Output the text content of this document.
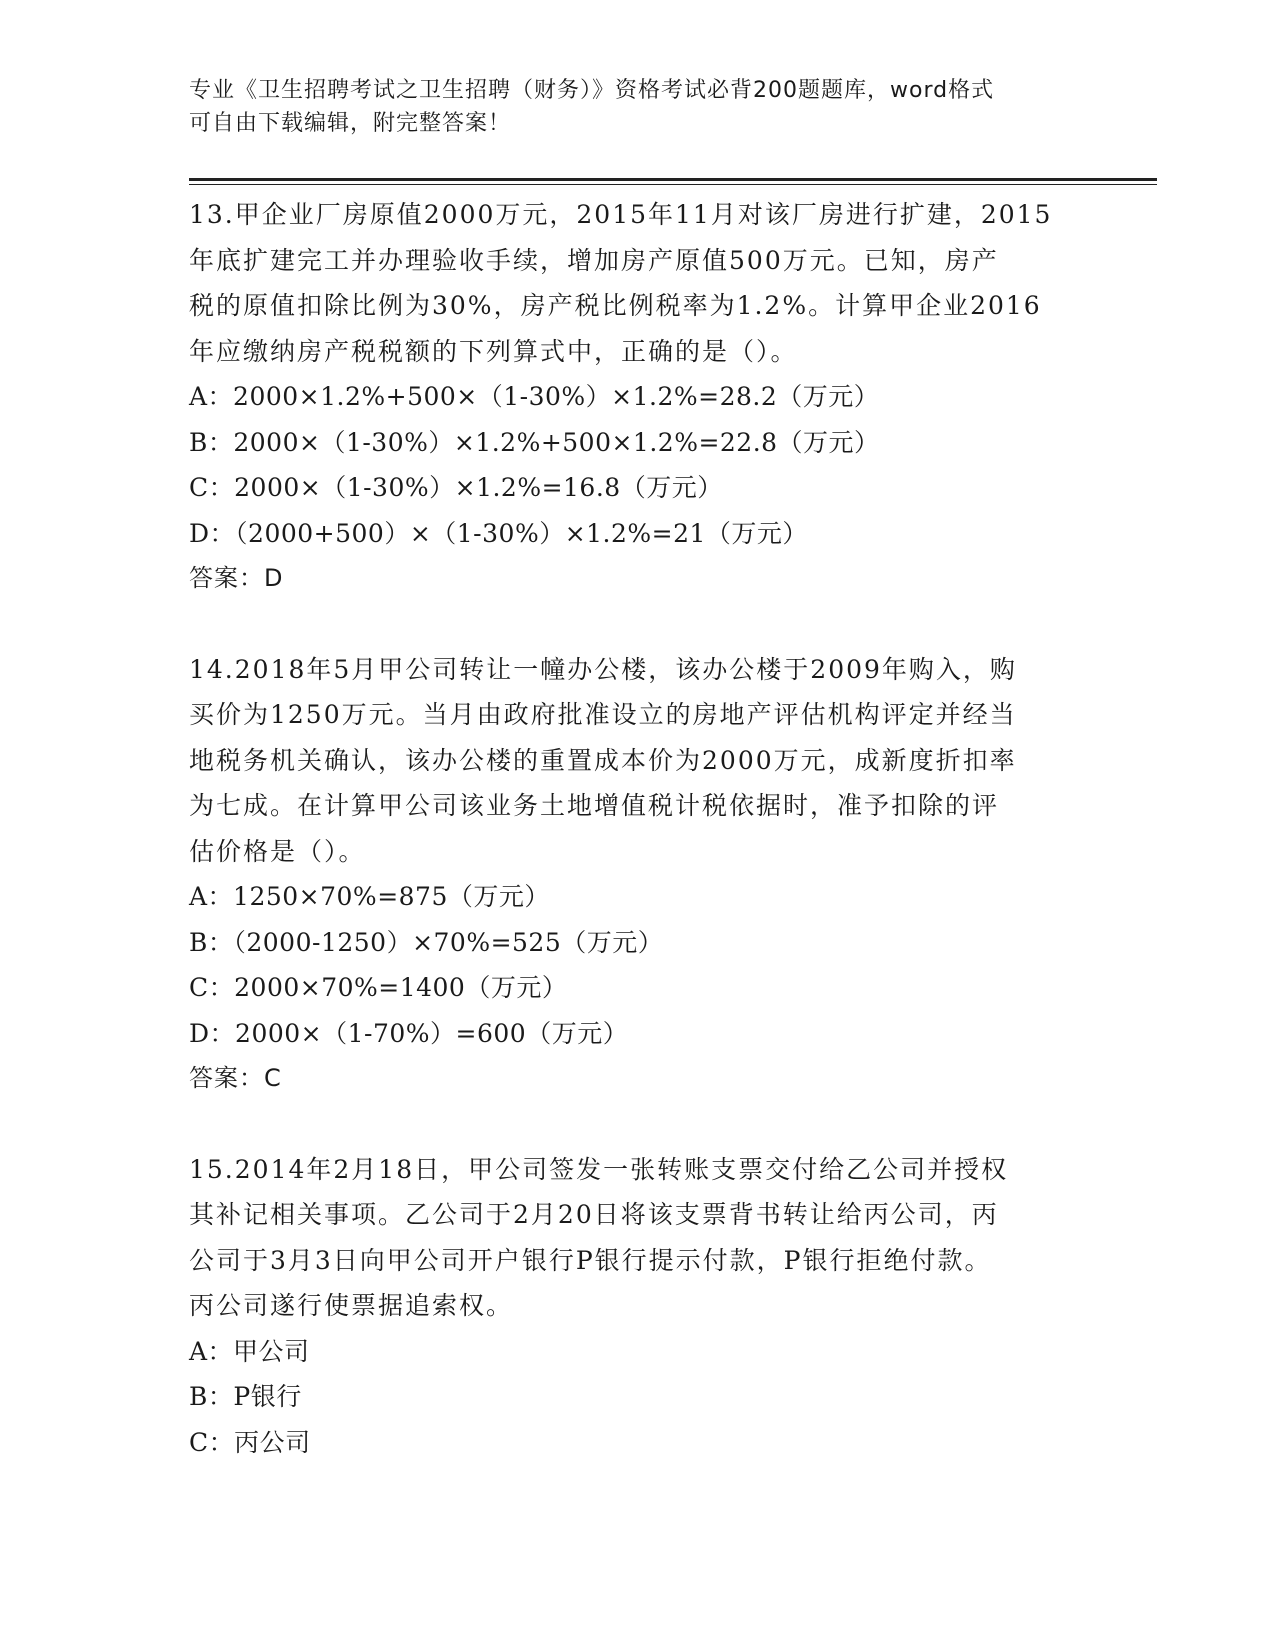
专业《卫生招聘考试之卫生招聘（财务）》资格考试必背200题题库，word格式
可自由下载编辑，附完整答案！
13.甲企业厂房原值2000万元，2015年11月对该厂房进行扩建，2015
年底扩建完工并办理验收手续，增加房产原值500万元。已知，房产
税的原值扣除比例为30%，房产税比例税率为1.2%。计算甲企业2016
年应缴纳房产税税额的下列算式中，正确的是（）。
A：2000×1.2%+500×（1-30%）×1.2%=28.2（万元）
B：2000×（1-30%）×1.2%+500×1.2%=22.8（万元）
C：2000×（1-30%）×1.2%=16.8（万元）
D：（2000+500）×（1-30%）×1.2%=21（万元）
答案：D
14.2018年5月甲公司转让一幢办公楼，该办公楼于2009年购入，购
买价为1250万元。当月由政府批准设立的房地产评估机构评定并经当
地税务机关确认，该办公楼的重置成本价为2000万元，成新度折扣率
为七成。在计算甲公司该业务土地增值税计税依据时，准予扣除的评
估价格是（）。
A：1250×70%=875（万元）
B：（2000-1250）×70%=525（万元）
C：2000×70%=1400（万元）
D：2000×（1-70%）=600（万元）
答案：C
15.2014年2月18日，甲公司签发一张转账支票交付给乙公司并授权
其补记相关事项。乙公司于2月20日将该支票背书转让给丙公司，丙
公司于3月3日向甲公司开户银行P银行提示付款，P银行拒绝付款。
丙公司遂行使票据追索权。
A：甲公司
B：P银行
C：丙公司
